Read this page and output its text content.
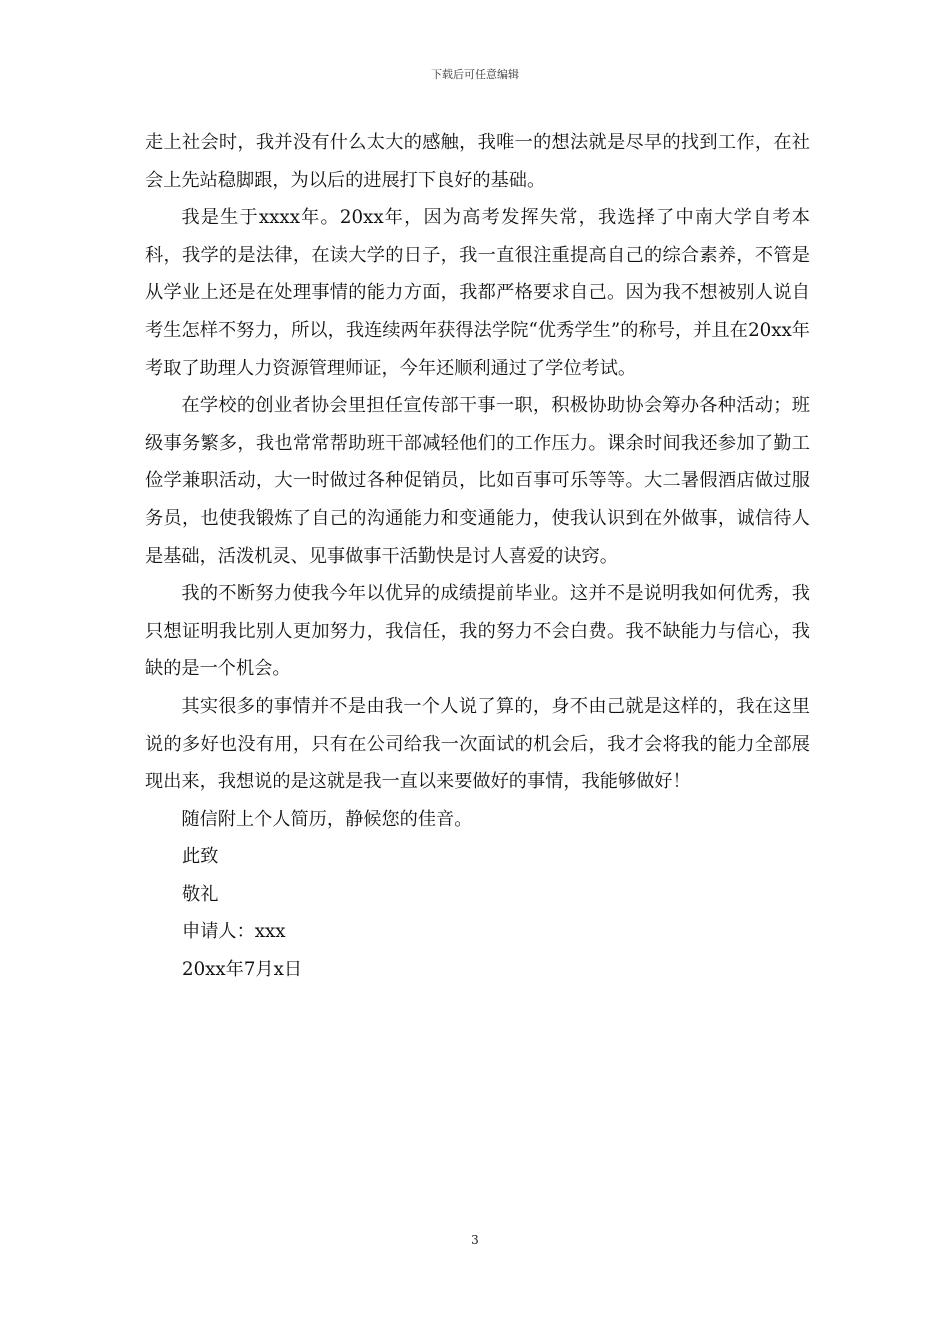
下载后可任意编辑

走上社会时，我并没有什么太大的感触，我唯一的想法就是尽早的找到工作，在社会上先站稳脚跟，为以后的进展打下良好的基础。

我是生于xxxx年。20xx年，因为高考发挥失常，我选择了中南大学自考本科，我学的是法律，在读大学的日子，我一直很注重提高自己的综合素养，不管是从学业上还是在处理事情的能力方面，我都严格要求自己。因为我不想被别人说自考生怎样不努力，所以，我连续两年获得法学院“优秀学生”的称号，并且在20xx年考取了助理人力资源管理师证，今年还顺利通过了学位考试。

在学校的创业者协会里担任宣传部干事一职，积极协助协会筹办各种活动；班级事务繁多，我也常常帮助班干部减轻他们的工作压力。课余时间我还参加了勤工俭学兼职活动，大一时做过各种促销员，比如百事可乐等等。大二暑假酒店做过服务员，也使我锻炼了自己的沟通能力和变通能力，使我认识到在外做事，诚信待人是基础，活泼机灵、见事做事干活勤快是讨人喜爱的诀窍。

我的不断努力使我今年以优异的成绩提前毕业。这并不是说明我如何优秀，我只想证明我比别人更加努力，我信任，我的努力不会白费。我不缺能力与信心，我缺的是一个机会。

其实很多的事情并不是由我一个人说了算的，身不由己就是这样的，我在这里说的多好也没有用，只有在公司给我一次面试的机会后，我才会将我的能力全部展现出来，我想说的是这就是我一直以来要做好的事情，我能够做好！

随信附上个人简历，静候您的佳音。

此致

敬礼

申请人：xxx

20xx年7月x日

3
